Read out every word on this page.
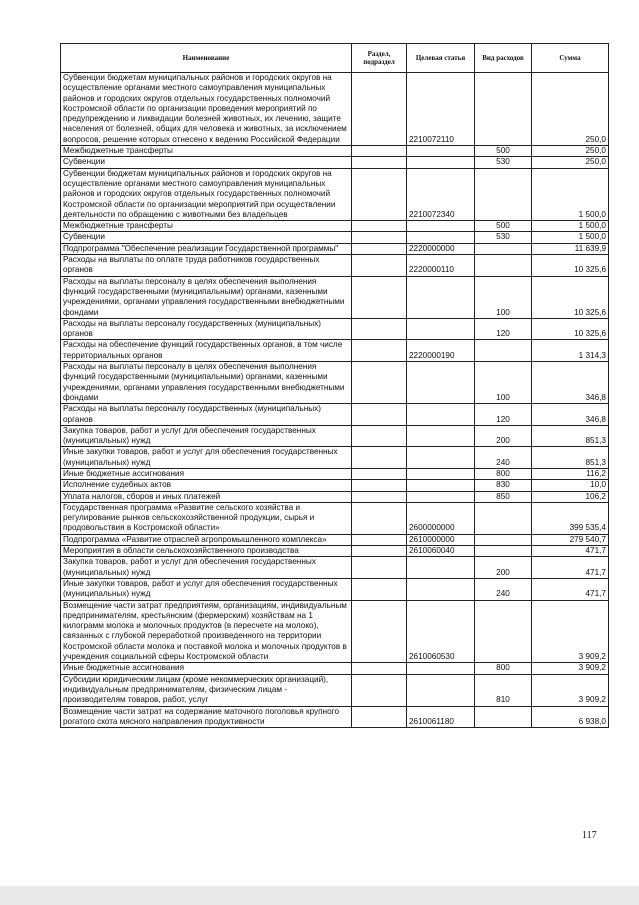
Наименование	Раздел, подраздел	Целевая статья	Вид расходов	Сумма
Субвенции бюджетам муниципальных районов и городских округов на осуществление органами местного самоуправления муниципальных районов и городских округов отдельных государственных полномочий Костромской области по организации проведения мероприятий по предупреждению и ликвидации болезней животных, их лечению, защите населения от болезней, общих для человека и животных, за исключением вопросов, решение которых отнесено к ведению Российской Федерации		2210072110		250,0
Межбюджетные трансферты			500	250,0
Субвенции			530	250,0
Субвенции бюджетам муниципальных районов и городских округов на осуществление органами местного самоуправления муниципальных районов и городских округов отдельных государственных полномочий Костромской области по организации мероприятий при осуществлении деятельности по обращению с животными без владельцев		2210072340		1 500,0
Межбюджетные трансферты			500	1 500,0
Субвенции			530	1 500,0
Подпрограмма "Обеспечение реализации Государственной программы"		2220000000		11 639,9
Расходы на выплаты по оплате труда работников государственных органов		2220000110		10 325,6
Расходы на выплаты персоналу в целях обеспечения выполнения функций государственными (муниципальными) органами, казенными учреждениями, органами управления государственными внебюджетными фондами			100	10 325,6
Расходы на выплаты персоналу государственных (муниципальных) органов			120	10 325,6
Расходы на обеспечение функций государственных органов, в том числе территориальных органов		2220000190		1 314,3
Расходы на выплаты персоналу в целях обеспечения выполнения функций государственными (муниципальными) органами, казенными учреждениями, органами управления государственными внебюджетными фондами			100	346,8
Расходы на выплаты персоналу государственных (муниципальных) органов			120	346,8
Закупка товаров, работ и услуг для обеспечения государственных (муниципальных) нужд			200	851,3
Иные закупки товаров, работ и услуг для обеспечения государственных (муниципальных) нужд			240	851,3
Иные бюджетные ассигнования			800	116,2
Исполнение судебных актов			830	10,0
Уплата налогов, сборов и иных платежей			850	106,2
Государственная программа «Развитие сельского хозяйства и регулирование рынков сельскохозяйственной продукции, сырья и продовольствия в Костромской области»		2600000000		399 535,4
Подпрограмма «Развитие отраслей агропромышленного комплекса»		2610000000		279 540,7
Мероприятия в области сельскохозяйственного производства		2610060040		471,7
Закупка товаров, работ и услуг для обеспечения государственных (муниципальных) нужд			200	471,7
Иные закупки товаров, работ и услуг для обеспечения государственных (муниципальных) нужд			240	471,7
Возмещение части затрат предприятиям, организациям, индивидуальным предпринимателям, крестьянским (фермерским) хозяйствам на 1 килограмм молока и молочных продуктов (в пересчете на молоко), связанных с глубокой переработкой произведенного на территории Костромской области молока и поставкой молока и молочных продуктов в учреждения социальной сферы Костромской области		2610060530		3 909,2
Иные бюджетные ассигнования			800	3 909,2
Субсидии юридическим лицам (кроме некоммерческих организаций), индивидуальным предпринимателям, физическим лицам - производителям товаров, работ, услуг			810	3 909,2
Возмещение части затрат на содержание маточного поголовья крупного рогатого скота мясного направления продуктивности		2610061180		6 938,0
117
